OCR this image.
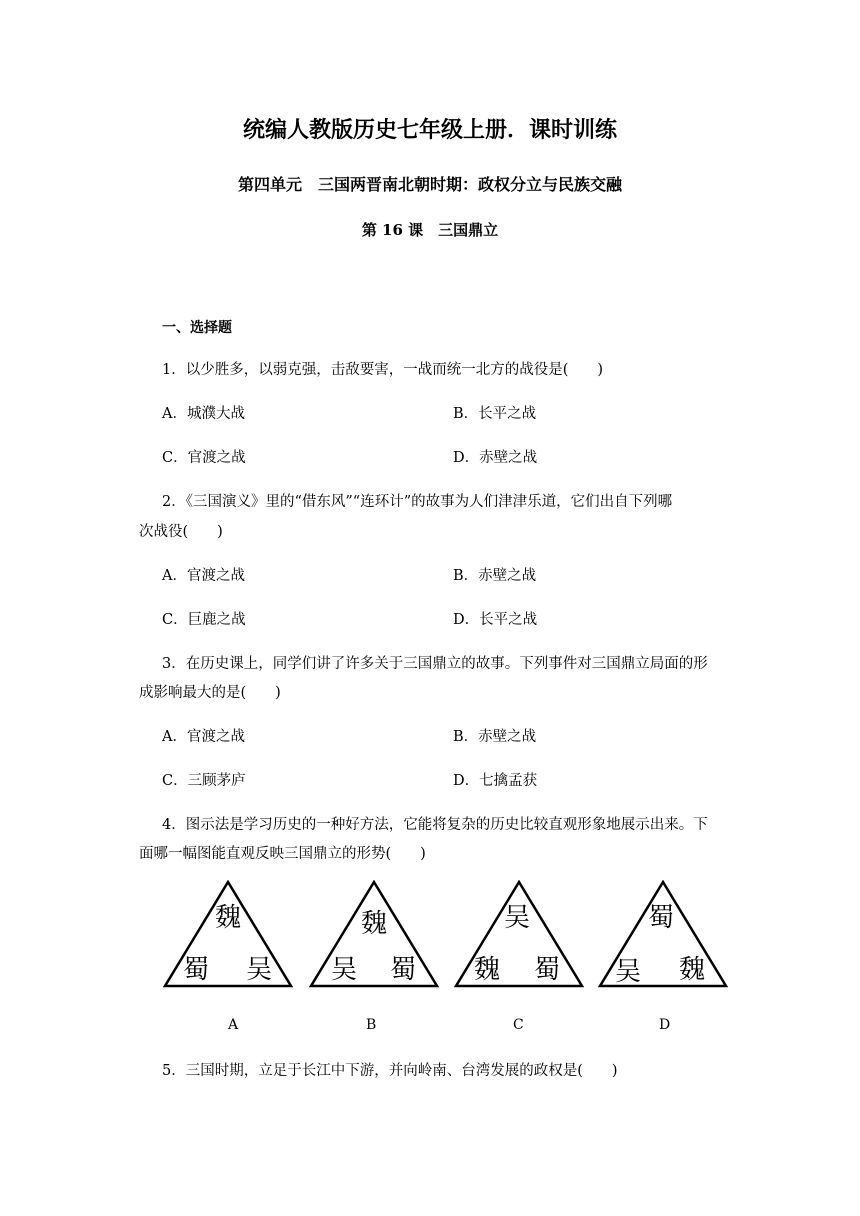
统编人教版历史七年级上册．课时训练
第四单元　三国两晋南北朝时期：政权分立与民族交融
第 16 课　三国鼎立
一、选择题
1．以少胜多，以弱克强，击敌要害，一战而统一北方的战役是(　　)
A．城濮大战	B．长平之战
C．官渡之战	D．赤壁之战
2．《三国演义》里的“借东风”“连环计”的故事为人们津津乐道，它们出自下列哪
次战役(　　)
A．官渡之战	B．赤壁之战
C．巨鹿之战	D．长平之战
3．在历史课上，同学们讲了许多关于三国鼎立的故事。下列事件对三国鼎立局面的形
成影响最大的是(　　)
A．官渡之战	B．赤壁之战
C．三顾茅庐	D．七擒孟获
4．图示法是学习历史的一种好方法，它能将复杂的历史比较直观形象地展示出来。下
面哪一幅图能直观反映三国鼎立的形势(　　)
魏
蜀 吴
魏
吴 蜀
吴
魏 蜀
蜀
吴 魏
A	B	C	D
5．三国时期，立足于长江中下游，并向岭南、台湾发展的政权是(　　)
